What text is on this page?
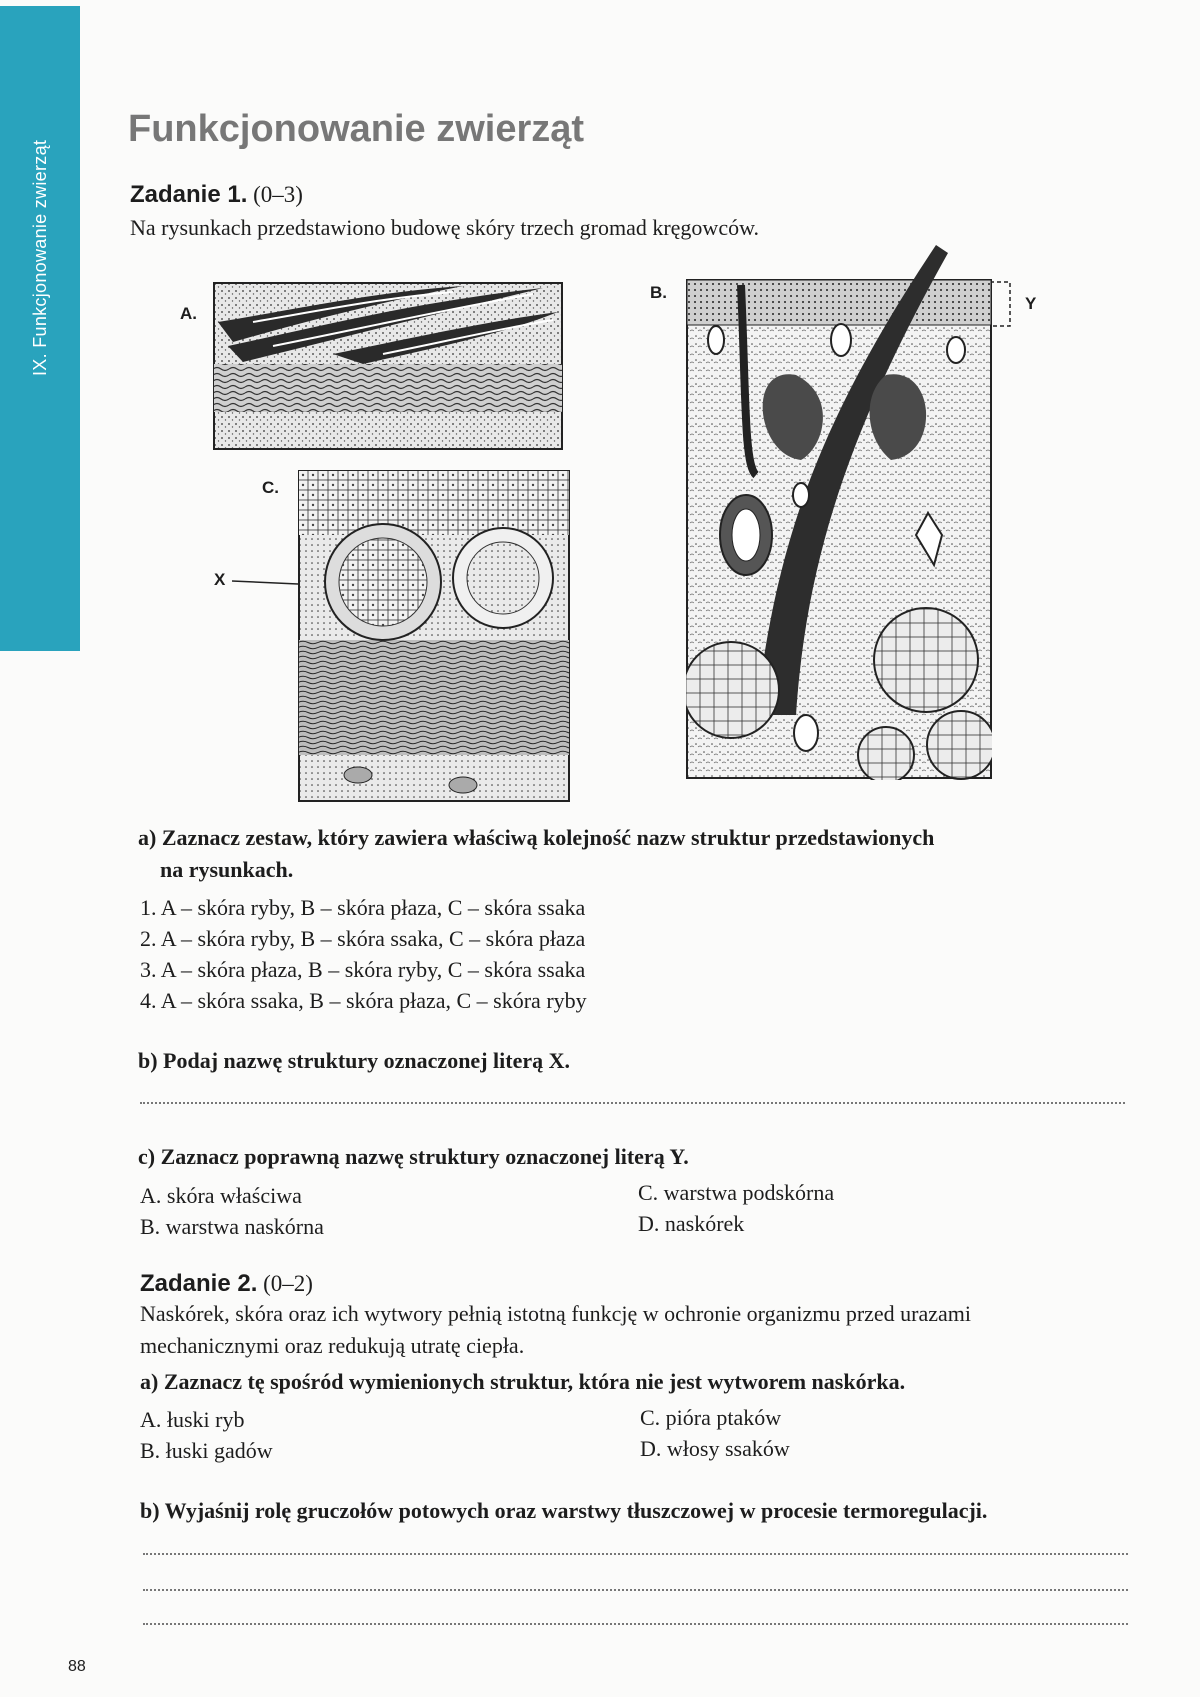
IX. Funkcjonowanie zwierząt
Funkcjonowanie zwierząt

Zadanie 1. (0–3)

Na rysunkach przedstawiono budowę skóry trzech gromad kręgowców.

A.
C.
X
B.
Y

a) Zaznacz zestaw, który zawiera właściwą kolejność nazw struktur przedstawionych

na rysunkach.

1. A – skóra ryby, B – skóra płaza, C – skóra ssaka

2. A – skóra ryby, B – skóra ssaka, C – skóra płaza

3. A – skóra płaza, B – skóra ryby, C – skóra ssaka

4. A – skóra ssaka, B – skóra płaza, C – skóra ryby

b) Podaj nazwę struktury oznaczonej literą X.

c) Zaznacz poprawną nazwę struktury oznaczonej literą Y.

A. skóra właściwa

B. warstwa naskórna

C. warstwa podskórna

D. naskórek

Zadanie 2. (0–2)

Naskórek, skóra oraz ich wytwory pełnią istotną funkcję w ochronie organizmu przed urazami

mechanicznymi oraz redukują utratę ciepła.

a) Zaznacz tę spośród wymienionych struktur, która nie jest wytworem naskórka.

A. łuski ryb

B. łuski gadów

C. pióra ptaków

D. włosy ssaków

b) Wyjaśnij rolę gruczołów potowych oraz warstwy tłuszczowej w procesie termoregulacji.

88
